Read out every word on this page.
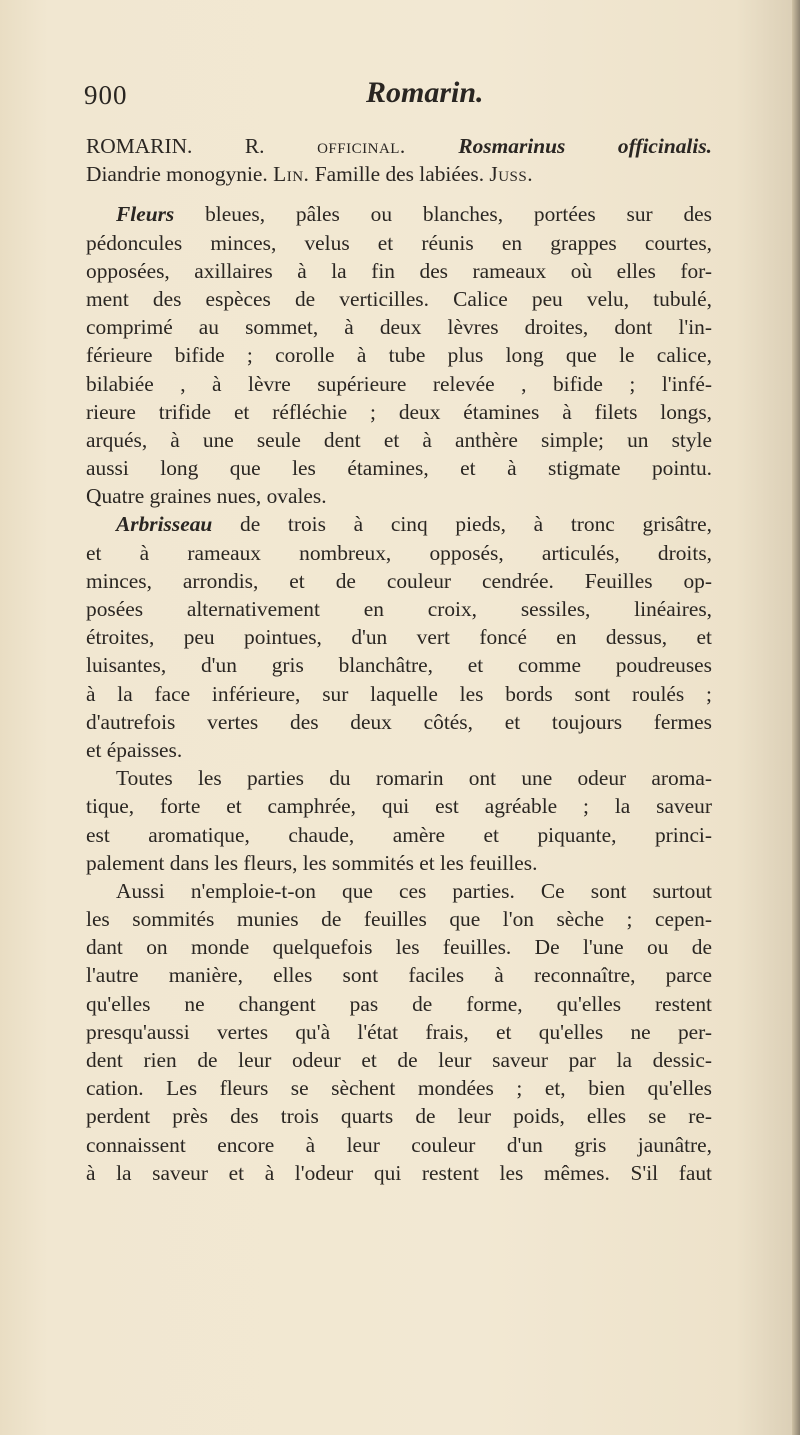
900	Romarin.
ROMARIN. R. officinal. Rosmarinus officinalis.
Diandrie monogynie. Lin. Famille des labiées. Juss.
Fleurs bleues, pâles ou blanches, portées sur des
pédoncules minces, velus et réunis en grappes courtes,
opposées, axillaires à la fin des rameaux où elles for-
ment des espèces de verticilles. Calice peu velu, tubulé,
comprimé au sommet, à deux lèvres droites, dont l'in-
férieure bifide ; corolle à tube plus long que le calice,
bilabiée , à lèvre supérieure relevée , bifide ; l'infé-
rieure trifide et réfléchie ; deux étamines à filets longs,
arqués, à une seule dent et à anthère simple; un style
aussi long que les étamines, et à stigmate pointu.
Quatre graines nues, ovales.
Arbrisseau de trois à cinq pieds, à tronc grisâtre,
et à rameaux nombreux, opposés, articulés, droits,
minces, arrondis, et de couleur cendrée. Feuilles op-
posées alternativement en croix, sessiles, linéaires,
étroites, peu pointues, d'un vert foncé en dessus, et
luisantes, d'un gris blanchâtre, et comme poudreuses
à la face inférieure, sur laquelle les bords sont roulés ;
d'autrefois vertes des deux côtés, et toujours fermes
et épaisses.
Toutes les parties du romarin ont une odeur aroma-
tique, forte et camphrée, qui est agréable ; la saveur
est aromatique, chaude, amère et piquante, princi-
palement dans les fleurs, les sommités et les feuilles.
Aussi n'emploie-t-on que ces parties. Ce sont surtout
les sommités munies de feuilles que l'on sèche ; cepen-
dant on monde quelquefois les feuilles. De l'une ou de
l'autre manière, elles sont faciles à reconnaître, parce
qu'elles ne changent pas de forme, qu'elles restent
presqu'aussi vertes qu'à l'état frais, et qu'elles ne per-
dent rien de leur odeur et de leur saveur par la dessic-
cation. Les fleurs se sèchent mondées ; et, bien qu'elles
perdent près des trois quarts de leur poids, elles se re-
connaissent encore à leur couleur d'un gris jaunâtre,
à la saveur et à l'odeur qui restent les mêmes. S'il faut
